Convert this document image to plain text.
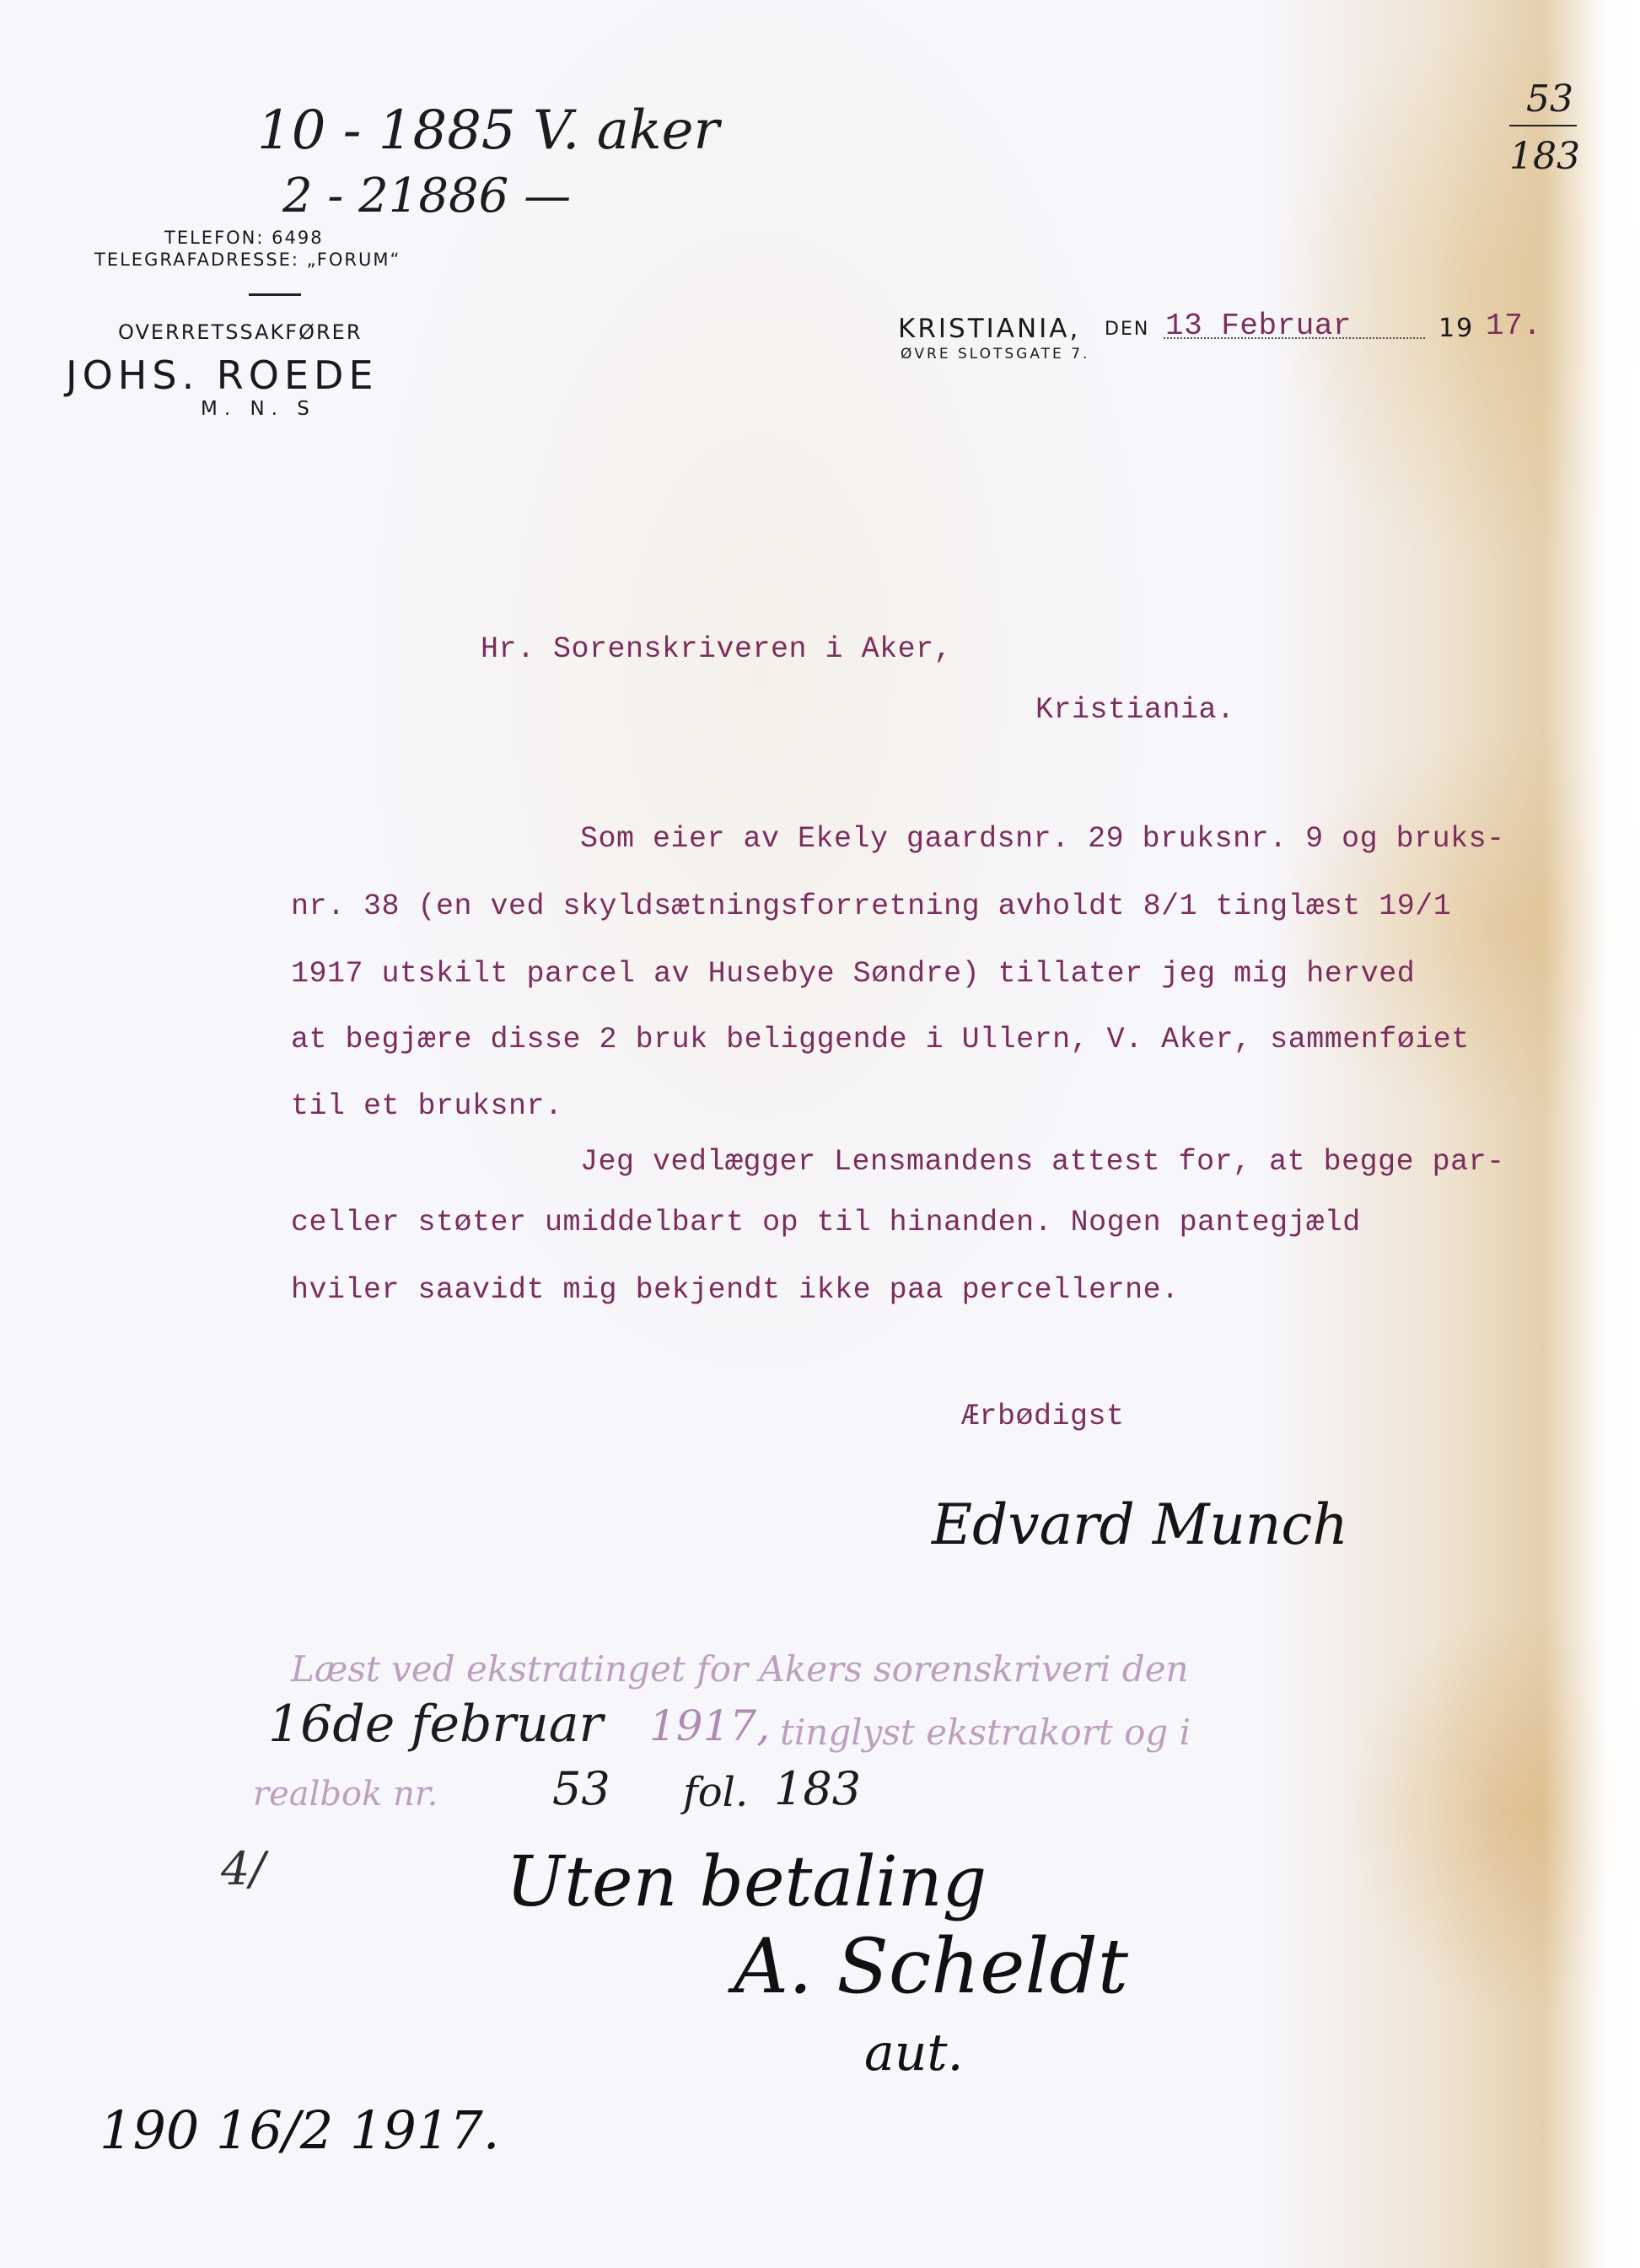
10 - 1885 V. aker
2 - 21886 —
53
183
TELEFON: 6498
TELEGRAFADRESSE: „FORUM“
OVERRETSSAKFØRER
JOHS. ROEDE
M. N. S
KRISTIANIA, DEN 13 Februar	19 17.
ØVRE SLOTSGATE 7.
Hr. Sorenskriveren i Aker,
Kristiania.
Som eier av Ekely gaardsnr. 29 bruksnr. 9 og bruks-
nr. 38 (en ved skyldsætningsforretning avholdt 8/1 tinglæst 19/1
1917 utskilt parcel av Husebye Søndre) tillater jeg mig herved
at begjære disse 2 bruk beliggende i Ullern, V. Aker, sammenføiet
til et bruksnr.
Jeg vedlægger Lensmandens attest for, at begge par-
celler støter umiddelbart op til hinanden. Nogen pantegjæld
hviler saavidt mig bekjendt ikke paa percellerne.
Ærbødigst
Edvard Munch
Læst ved ekstratinget for Akers sorenskriveri den
16de februar 1917, tinglyst ekstrakort og i
realbok nr.	53 fol. 183
Uten betaling
A. Scheldt
aut.
4/
190 16/2 1917.
